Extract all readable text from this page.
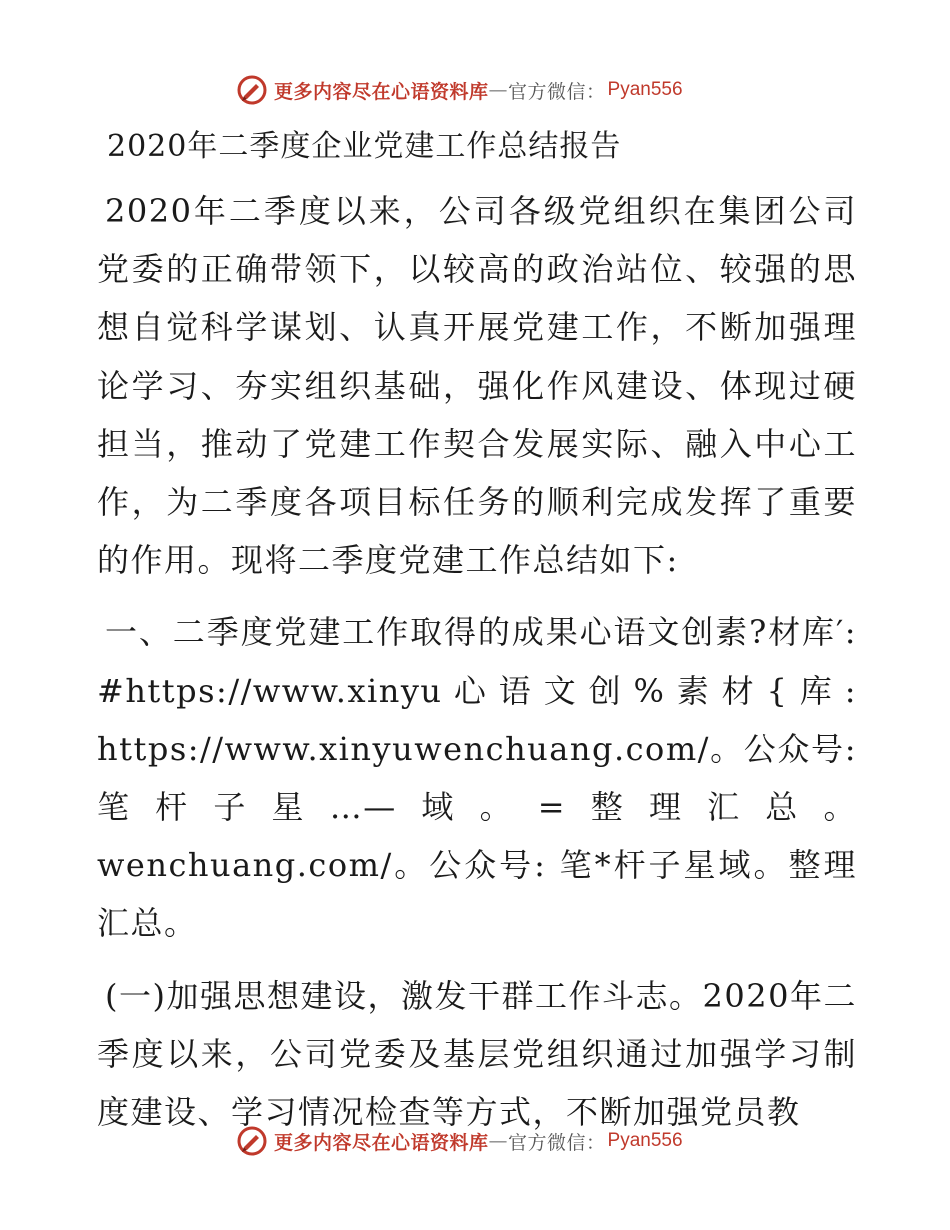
更多内容尽在心语资料库 — 官方微信： Pyan556

2020年二季度企业党建工作总结报告

2020年二季度以来，公司各级党组织在集团公司党委的正确带领下，以较高的政治站位、较强的思想自觉科学谋划、认真开展党建工作，不断加强理论学习、夯实组织基础，强化作风建设、体现过硬担当，推动了党建工作契合发展实际、融入中心工作，为二季度各项目标任务的顺利完成发挥了重要的作用。现将二季度党建工作总结如下:

一、二季度党建工作取得的成果心语文创素?材库′: #https://www.xinyu心语文创%素材{库: https://www.xinyuwenchuang.com/。公众号: 笔杆子星…—域。=整理汇总。wenchuang.com/。公众号: 笔*杆子星域。整理汇总。

(一)加强思想建设，激发干群工作斗志。2020年二季度以来，公司党委及基层党组织通过加强学习制度建设、学习情况检查等方式，不断加强党员教

更多内容尽在心语资料库 — 官方微信： Pyan556
